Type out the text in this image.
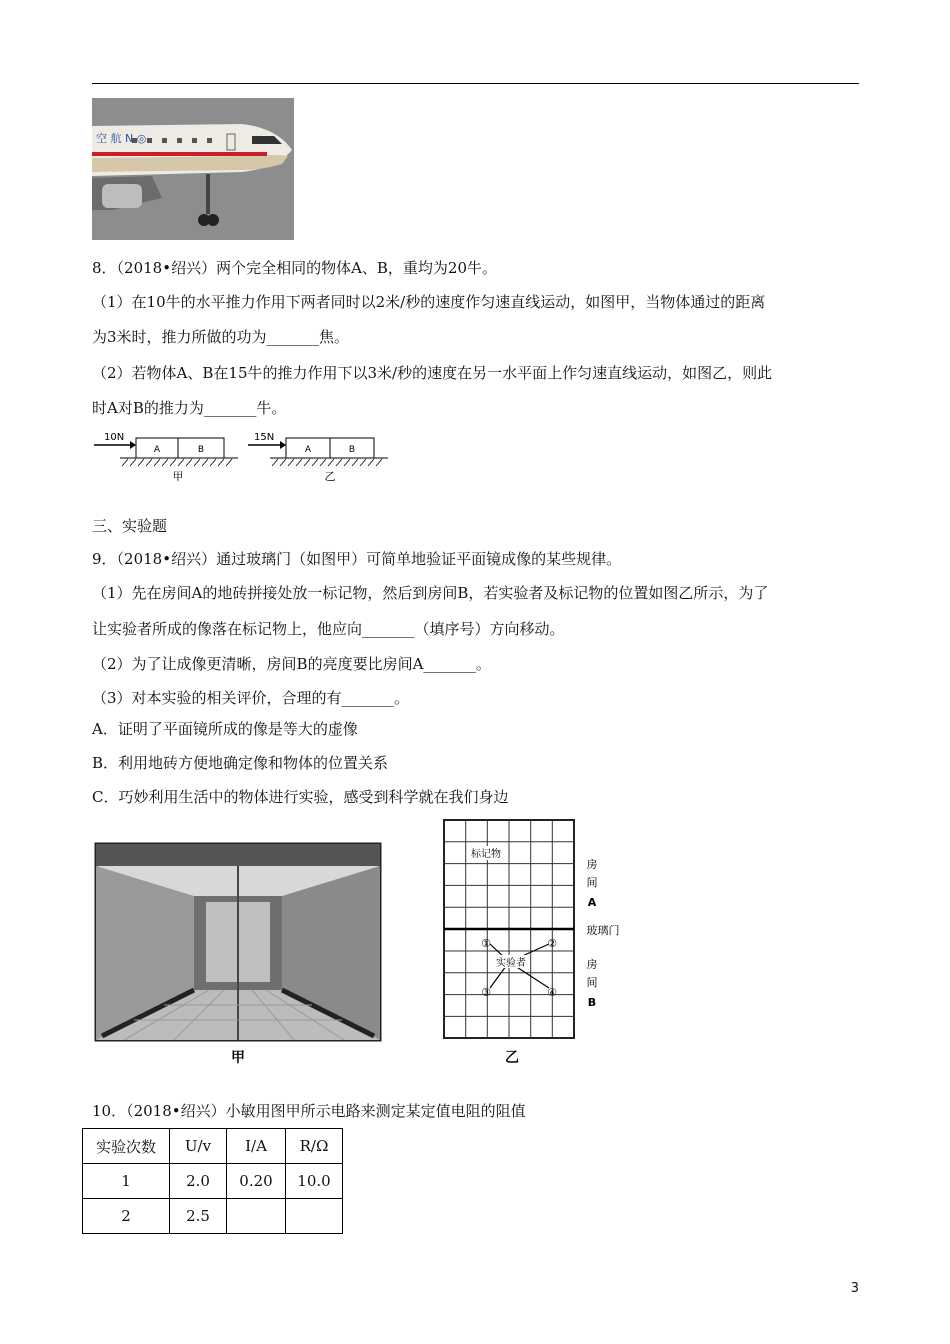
空 航 N ◎
8．（2018•绍兴）两个完全相同的物体A、B，重均为20牛。
（1）在10牛的水平推力作用下两者同时以2米/秒的速度作匀速直线运动，如图甲，当物体通过的距离
为3米时，推力所做的功为_______焦。
（2）若物体A、B在15牛的推力作用下以3米/秒的速度在另一水平面上作匀速直线运动，如图乙，则此
时A对B的推力为_______牛。
10N
A	B
甲
15N
A	B
乙
三、实验题
9．（2018•绍兴）通过玻璃门（如图甲）可简单地验证平面镜成像的某些规律。
（1）先在房间A的地砖拼接处放一标记物，然后到房间B，若实验者及标记物的位置如图乙所示，为了
让实验者所成的像落在标记物上，他应向_______（填序号）方向移动。
（2）为了让成像更清晰，房间B的亮度要比房间A_______。
（3）对本实验的相关评价，合理的有_______。
A．证明了平面镜所成的像是等大的虚像
B．利用地砖方便地确定像和物体的位置关系
C．巧妙利用生活中的物体进行实验，感受到科学就在我们身边
甲
标记物
实验者
①	②
③	④
房
间
A
玻璃门
房
间
B
乙
10．（2018•绍兴）小敏用图甲所示电路来测定某定值电阻的阻值
实验次数	U/v	I/A	R/Ω
1	2.0	0.20	10.0
2	2.5		
3
